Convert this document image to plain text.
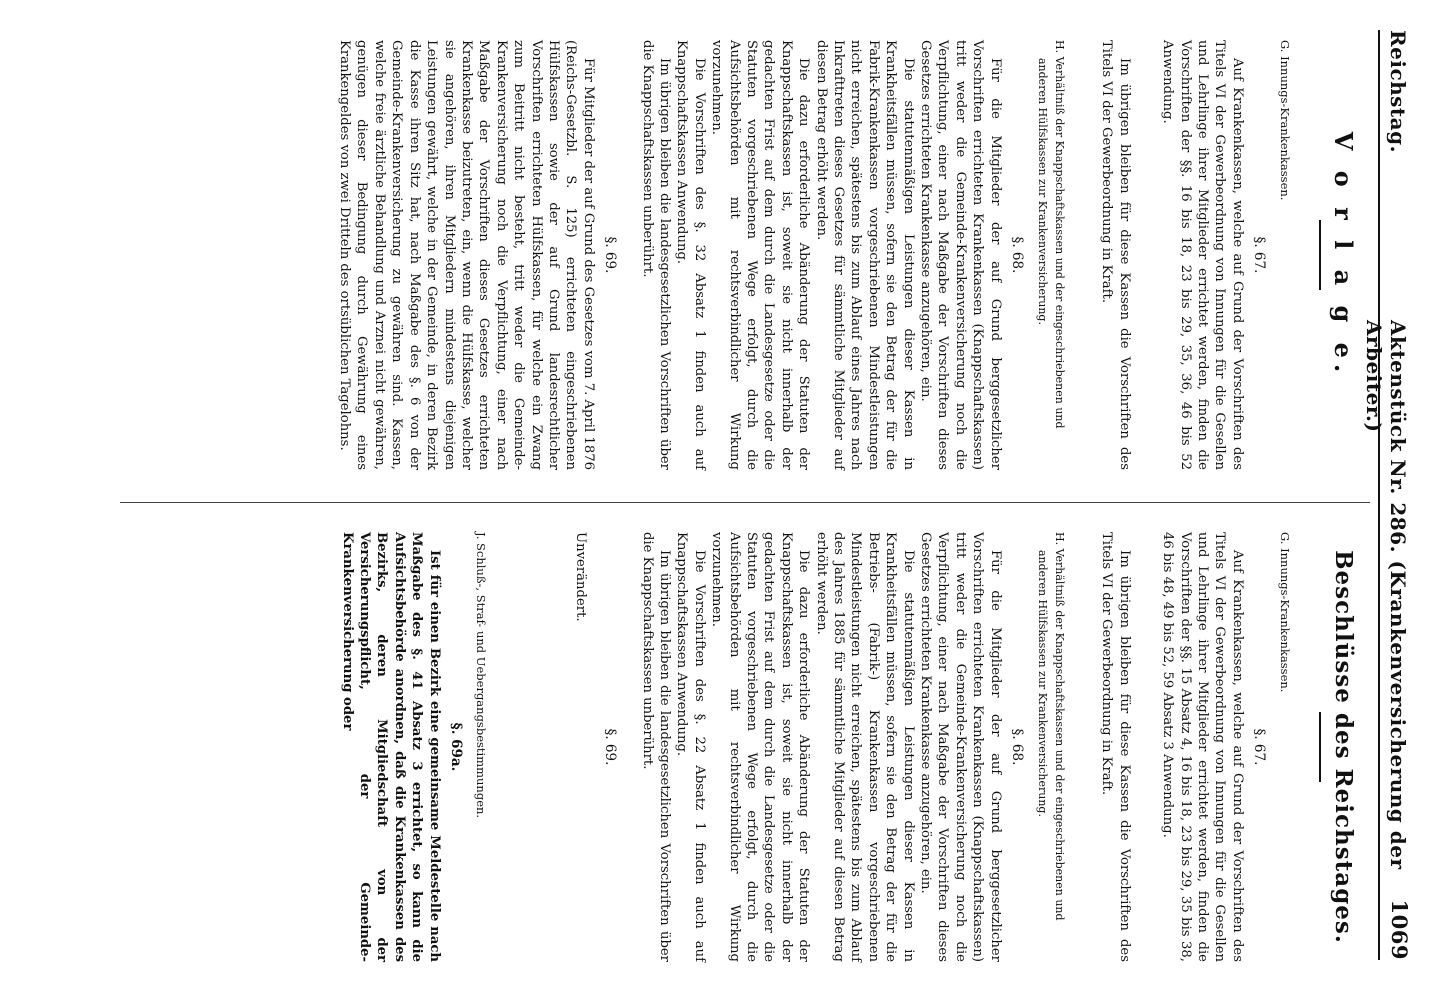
Reichstag.
Aktenstück Nr. 286. (Krankenversicherung der Arbeiter.)
1069
V o r l a g e.
G. Innungs-Krankenkassen.
§. 67.

Auf Krankenkassen, welche auf Grund der Vorschriften des Titels VI der Gewerbeordnung von Innungen für die Gesellen und Lehrlinge ihrer Mitglieder errichtet werden, finden die Vorschriften der §§. 16 bis 18, 23 bis 29, 35, 36, 46 bis 52 Anwendung.

Im übrigen bleiben für diese Kassen die Vorschriften des Titels VI der Gewerbeordnung in Kraft.

H. Verhältniß der Knappschaftskassen und der eingeschriebenen und anderen Hülfskassen zur Krankenversicherung.
§. 68.

Für die Mitglieder der auf Grund berggesetzlicher Vorschriften errichteten Krankenkassen (Knappschaftskassen) tritt weder die Gemeinde-Krankenversicherung noch die Verpflichtung, einer nach Maßgabe der Vorschriften dieses Gesetzes errichteten Krankenkasse anzugehören, ein.

Die statutenmäßigen Leistungen dieser Kassen in Krankheitsfällen müssen, sofern sie den Betrag der für die Fabrik-Krankenkassen vorgeschriebenen Mindestleistungen nicht erreichen, spätestens bis zum Ablauf eines Jahres nach Inkrafttreten dieses Gesetzes für sämmtliche Mitglieder auf diesen Betrag erhöht werden.

Die dazu erforderliche Abänderung der Statuten der Knappschaftskassen ist, soweit sie nicht innerhalb der gedachten Frist auf dem durch die Landesgesetze oder die Statuten vorgeschriebenen Wege erfolgt, durch die Aufsichtsbehörden mit rechtsverbindlicher Wirkung vorzunehmen.

Die Vorschriften des §. 32 Absatz 1 finden auch auf Knappschaftskassen Anwendung.

Im übrigen bleiben die landesgesetzlichen Vorschriften über die Knappschaftskassen unberührt.

§. 69.

Für Mitglieder der auf Grund des Gesetzes vom 7. April 1876 (Reichs-Gesetzbl. S. 125) errichteten eingeschriebenen Hülfskassen sowie der auf Grund landesrechtlicher Vorschriften errichteten Hülfskassen, für welche ein Zwang zum Beitritt nicht besteht, tritt weder die Gemeinde-Krankenversicherung noch die Verpflichtung, einer nach Maßgabe der Vorschriften dieses Gesetzes errichteten Krankenkasse beizutreten, ein, wenn die Hülfskasse, welcher sie angehören, ihren Mitgliedern mindestens diejenigen Leistungen gewährt, welche in der Gemeinde, in deren Bezirk die Kasse ihren Sitz hat, nach Maßgabe des §. 6 von der Gemeinde-Krankenversicherung zu gewähren sind. Kassen, welche freie ärztliche Behandlung und Arznei nicht gewähren, genügen dieser Bedingung durch Gewährung eines Krankengeldes von zwei Dritteln des ortsüblichen Tagelohns.

Beschlüsse des Reichstages.
G. Innungs-Krankenkassen.
§. 67.

Auf Krankenkassen, welche auf Grund der Vorschriften des Titels VI der Gewerbeordnung von Innungen für die Gesellen und Lehrlinge ihrer Mitglieder errichtet werden, finden die Vorschriften der §§. 15 Absatz 4, 16 bis 18, 23 bis 29, 35 bis 38, 46 bis 48, 49 bis 52, 59 Absatz 3 Anwendung.

Im übrigen bleiben für diese Kassen die Vorschriften des Titels VI der Gewerbeordnung in Kraft.

H. Verhältniß der Knappschaftskassen und der eingeschriebenen und anderen Hülfskassen zur Krankenversicherung.
§. 68.

Für die Mitglieder der auf Grund berggesetzlicher Vorschriften errichteten Krankenkassen (Knappschaftskassen) tritt weder die Gemeinde-Krankenversicherung noch die Verpflichtung, einer nach Maßgabe der Vorschriften dieses Gesetzes errichteten Krankenkasse anzugehören, ein.

Die statutenmäßigen Leistungen dieser Kassen in Krankheitsfällen müssen, sofern sie den Betrag der für die Betriebs- (Fabrik-) Krankenkassen vorgeschriebenen Mindestleistungen nicht erreichen, spätestens bis zum Ablauf des Jahres 1885 für sämmtliche Mitglieder auf diesen Betrag erhöht werden.

Die dazu erforderliche Abänderung der Statuten der Knappschaftskassen ist, soweit sie nicht innerhalb der gedachten Frist auf dem durch die Landesgesetze oder die Statuten vorgeschriebenen Wege erfolgt, durch die Aufsichtsbehörden mit rechtsverbindlicher Wirkung vorzunehmen.

Die Vorschriften des §. 22 Absatz 1 finden auch auf Knappschaftskassen Anwendung.

Im übrigen bleiben die landesgesetzlichen Vorschriften über die Knappschaftskassen unberührt.

§. 69.

Unverändert.

J. Schluß-, Straf- und Uebergangsbestimmungen.
§. 69a.

Ist für einen Bezirk eine gemeinsame Meldestelle nach Maßgabe des §. 41 Absatz 3 errichtet, so kann die Aufsichtsbehörde anordnen, daß die Krankenkassen des Bezirks, deren Mitgliedschaft von der Versicherungspflicht, der Gemeinde-Krankenversicherung oder
